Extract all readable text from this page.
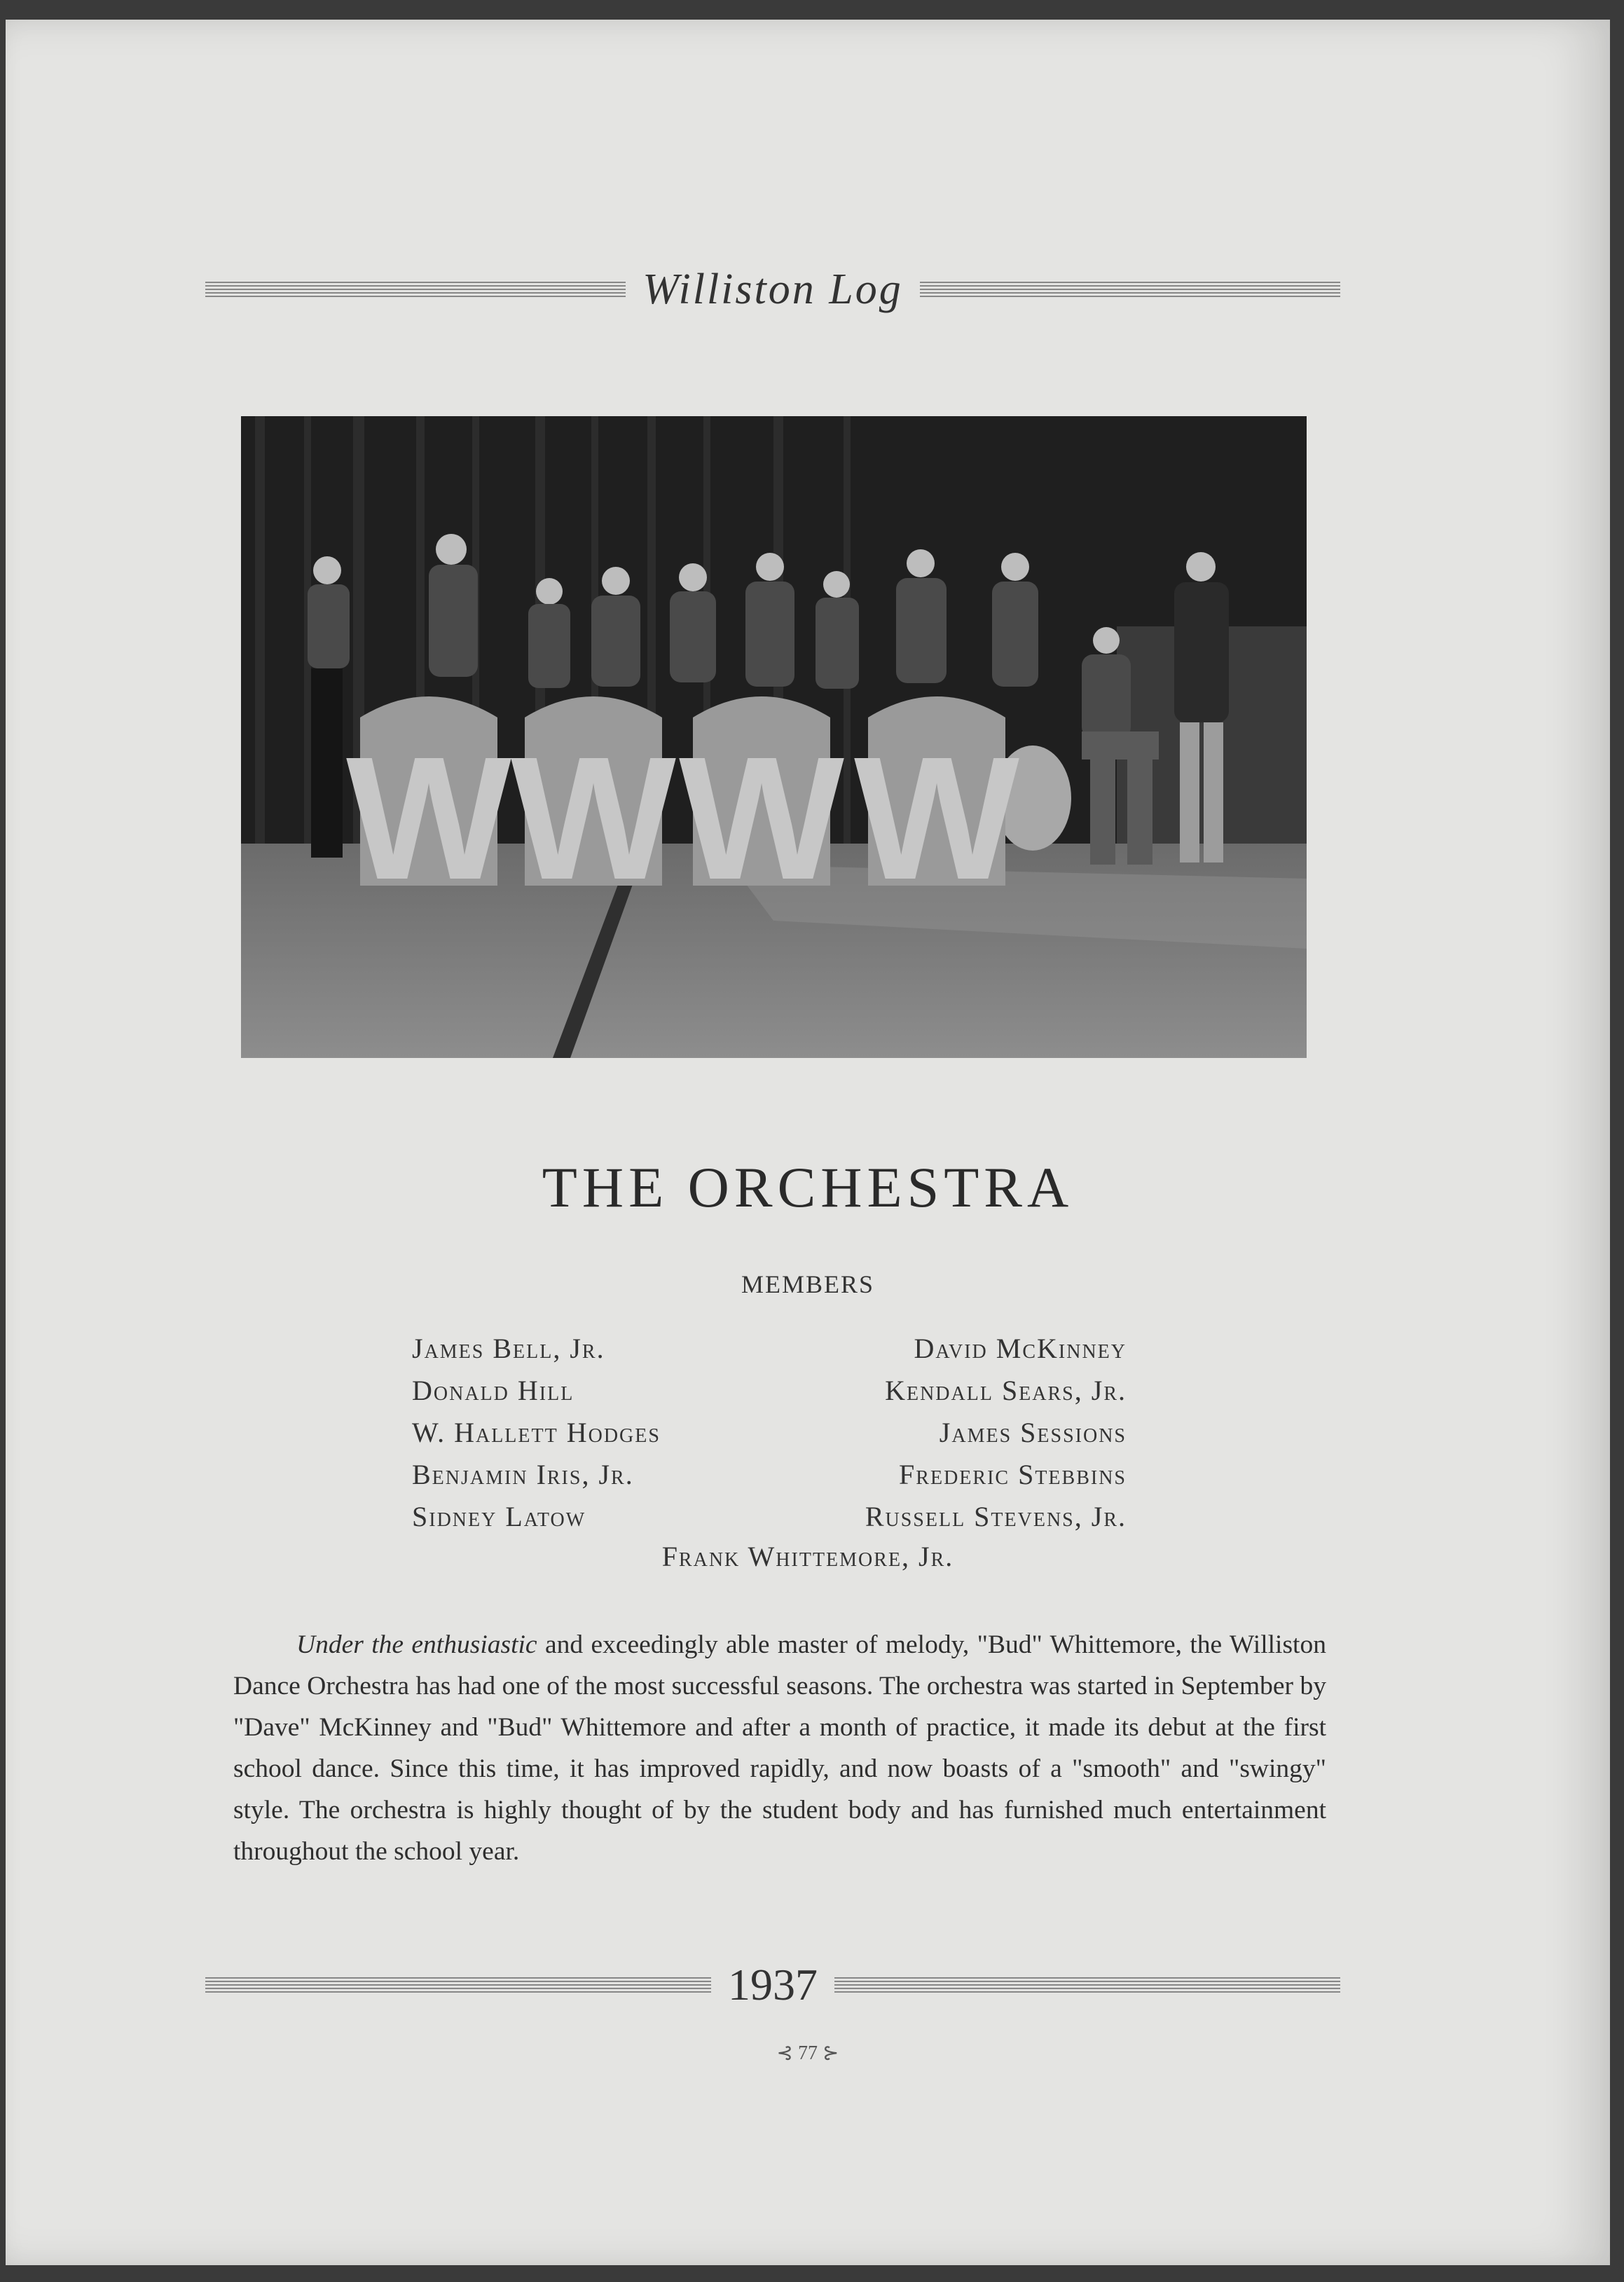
Williston Log
W W W W
THE ORCHESTRA
MEMBERS
James Bell, Jr.	David McKinney
Donald Hill	Kendall Sears, Jr.
W. Hallett Hodges	James Sessions
Benjamin Iris, Jr.	Frederic Stebbins
Sidney Latow	Russell Stevens, Jr.
Frank Whittemore, Jr.
Under the enthusiastic and exceedingly able master of melody, "Bud" Whittemore, the Williston Dance Orchestra has had one of the most successful seasons. The orchestra was started in September by "Dave" McKinney and "Bud" Whittemore and after a month of practice, it made its debut at the first school dance. Since this time, it has improved rapidly, and now boasts of a "smooth" and "swingy" style. The orchestra is highly thought of by the student body and has furnished much entertainment throughout the school year.
1937
⊰ 77 ⊱
